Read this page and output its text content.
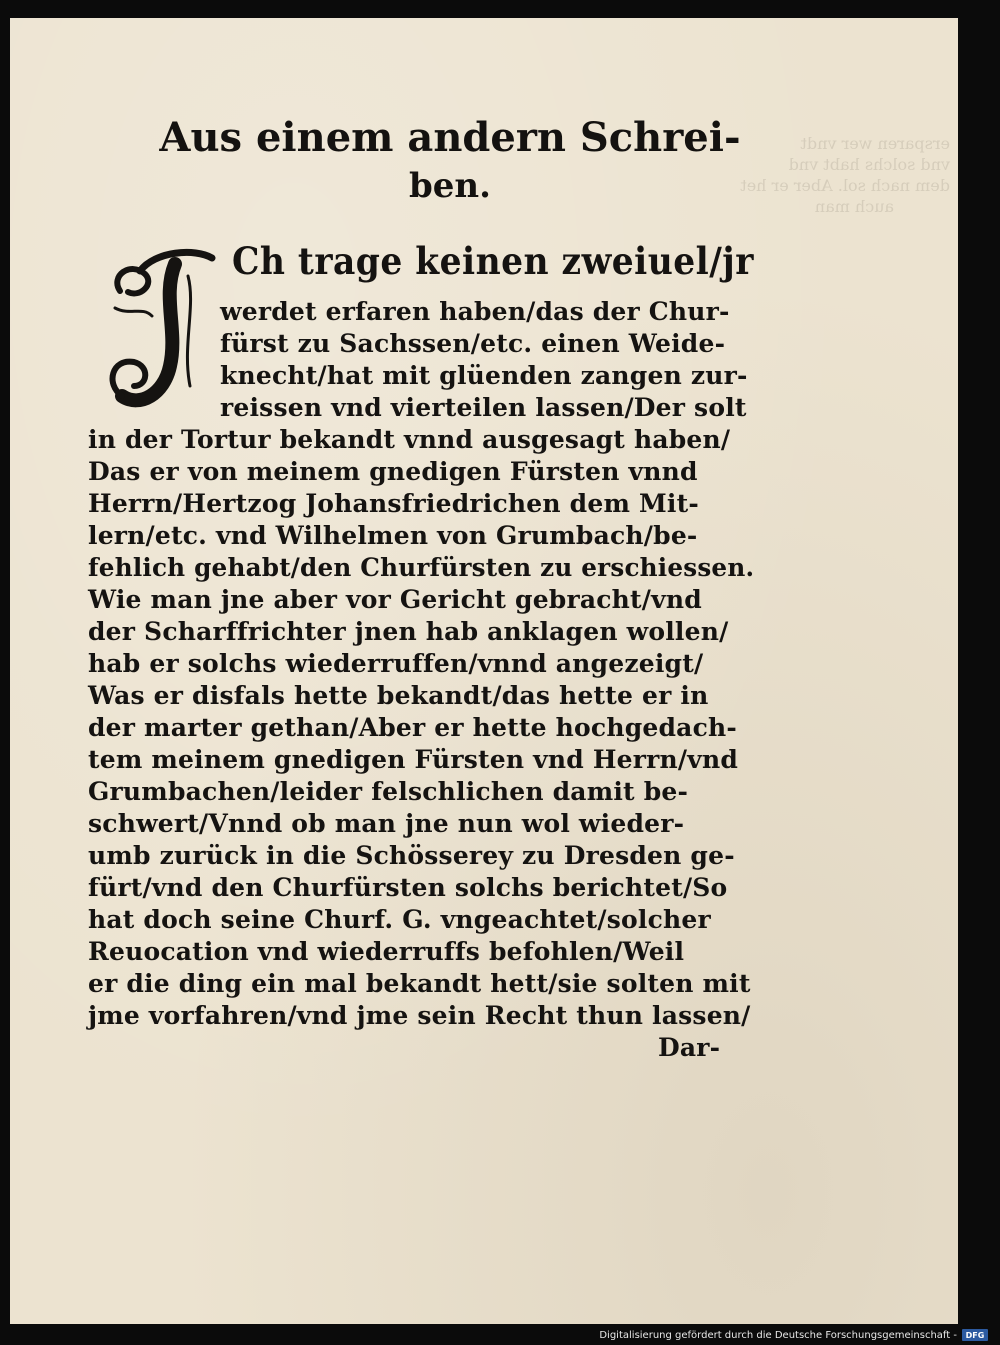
ersparen wer vndt
vnd solchs habt vnd
dem nach sol. Aber er het
auch man
Aus einem andern Schrei-
ben.
Ch trage keinen zweiuel/jr
werdet erfaren haben/das der Chur-
fürst zu Sachssen/etc. einen Weide-
knecht/hat mit glüenden zangen zur-
reissen vnd vierteilen lassen/Der solt
in der Tortur bekandt vnnd ausgesagt haben/
Das er von meinem gnedigen Fürsten vnnd
Herrn/Hertzog Johansfriedrichen dem Mit-
lern/etc. vnd Wilhelmen von Grumbach/be-
fehlich gehabt/den Churfürsten zu erschiessen.
Wie man jne aber vor Gericht gebracht/vnd
der Scharffrichter jnen hab anklagen wollen/
hab er solchs wiederruffen/vnnd angezeigt/
Was er disfals hette bekandt/das hette er in
der marter gethan/Aber er hette hochgedach-
tem meinem gnedigen Fürsten vnd Herrn/vnd
Grumbachen/leider felschlichen damit be-
schwert/Vnnd ob man jne nun wol wieder-
umb zurück in die Schösserey zu Dresden ge-
fürt/vnd den Churfürsten solchs berichtet/So
hat doch seine Churf. G. vngeachtet/solcher
Reuocation vnd wiederruffs befohlen/Weil
er die ding ein mal bekandt hett/sie solten mit
jme vorfahren/vnd jme sein Recht thun lassen/
Dar-
Digitalisierung gefördert durch die Deutsche Forschungsgemeinschaft -	DFG
